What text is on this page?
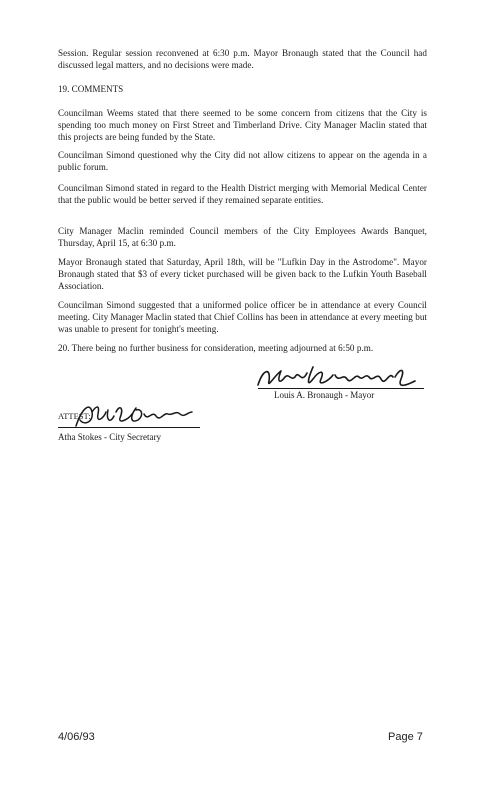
Session. Regular session reconvened at 6:30 p.m. Mayor Bronaugh stated that the Council had discussed legal matters, and no decisions were made.

19. COMMENTS

Councilman Weems stated that there seemed to be some concern from citizens that the City is spending too much money on First Street and Timberland Drive. City Manager Maclin stated that this projects are being funded by the State.

Councilman Simond questioned why the City did not allow citizens to appear on the agenda in a public forum.

Councilman Simond stated in regard to the Health District merging with Memorial Medical Center that the public would be better served if they remained separate entities.

City Manager Maclin reminded Council members of the City Employees Awards Banquet, Thursday, April 15, at 6:30 p.m.

Mayor Bronaugh stated that Saturday, April 18th, will be "Lufkin Day in the Astrodome". Mayor Bronaugh stated that $3 of every ticket purchased will be given back to the Lufkin Youth Baseball Association.

Councilman Simond suggested that a uniformed police officer be in attendance at every Council meeting. City Manager Maclin stated that Chief Collins has been in attendance at every meeting but was unable to present for tonight's meeting.

20. There being no further business for consideration, meeting adjourned at 6:50 p.m.

Louis A. Bronaugh - Mayor
ATTEST:
Atha Stokes - City Secretary
4/06/93	Page 7
